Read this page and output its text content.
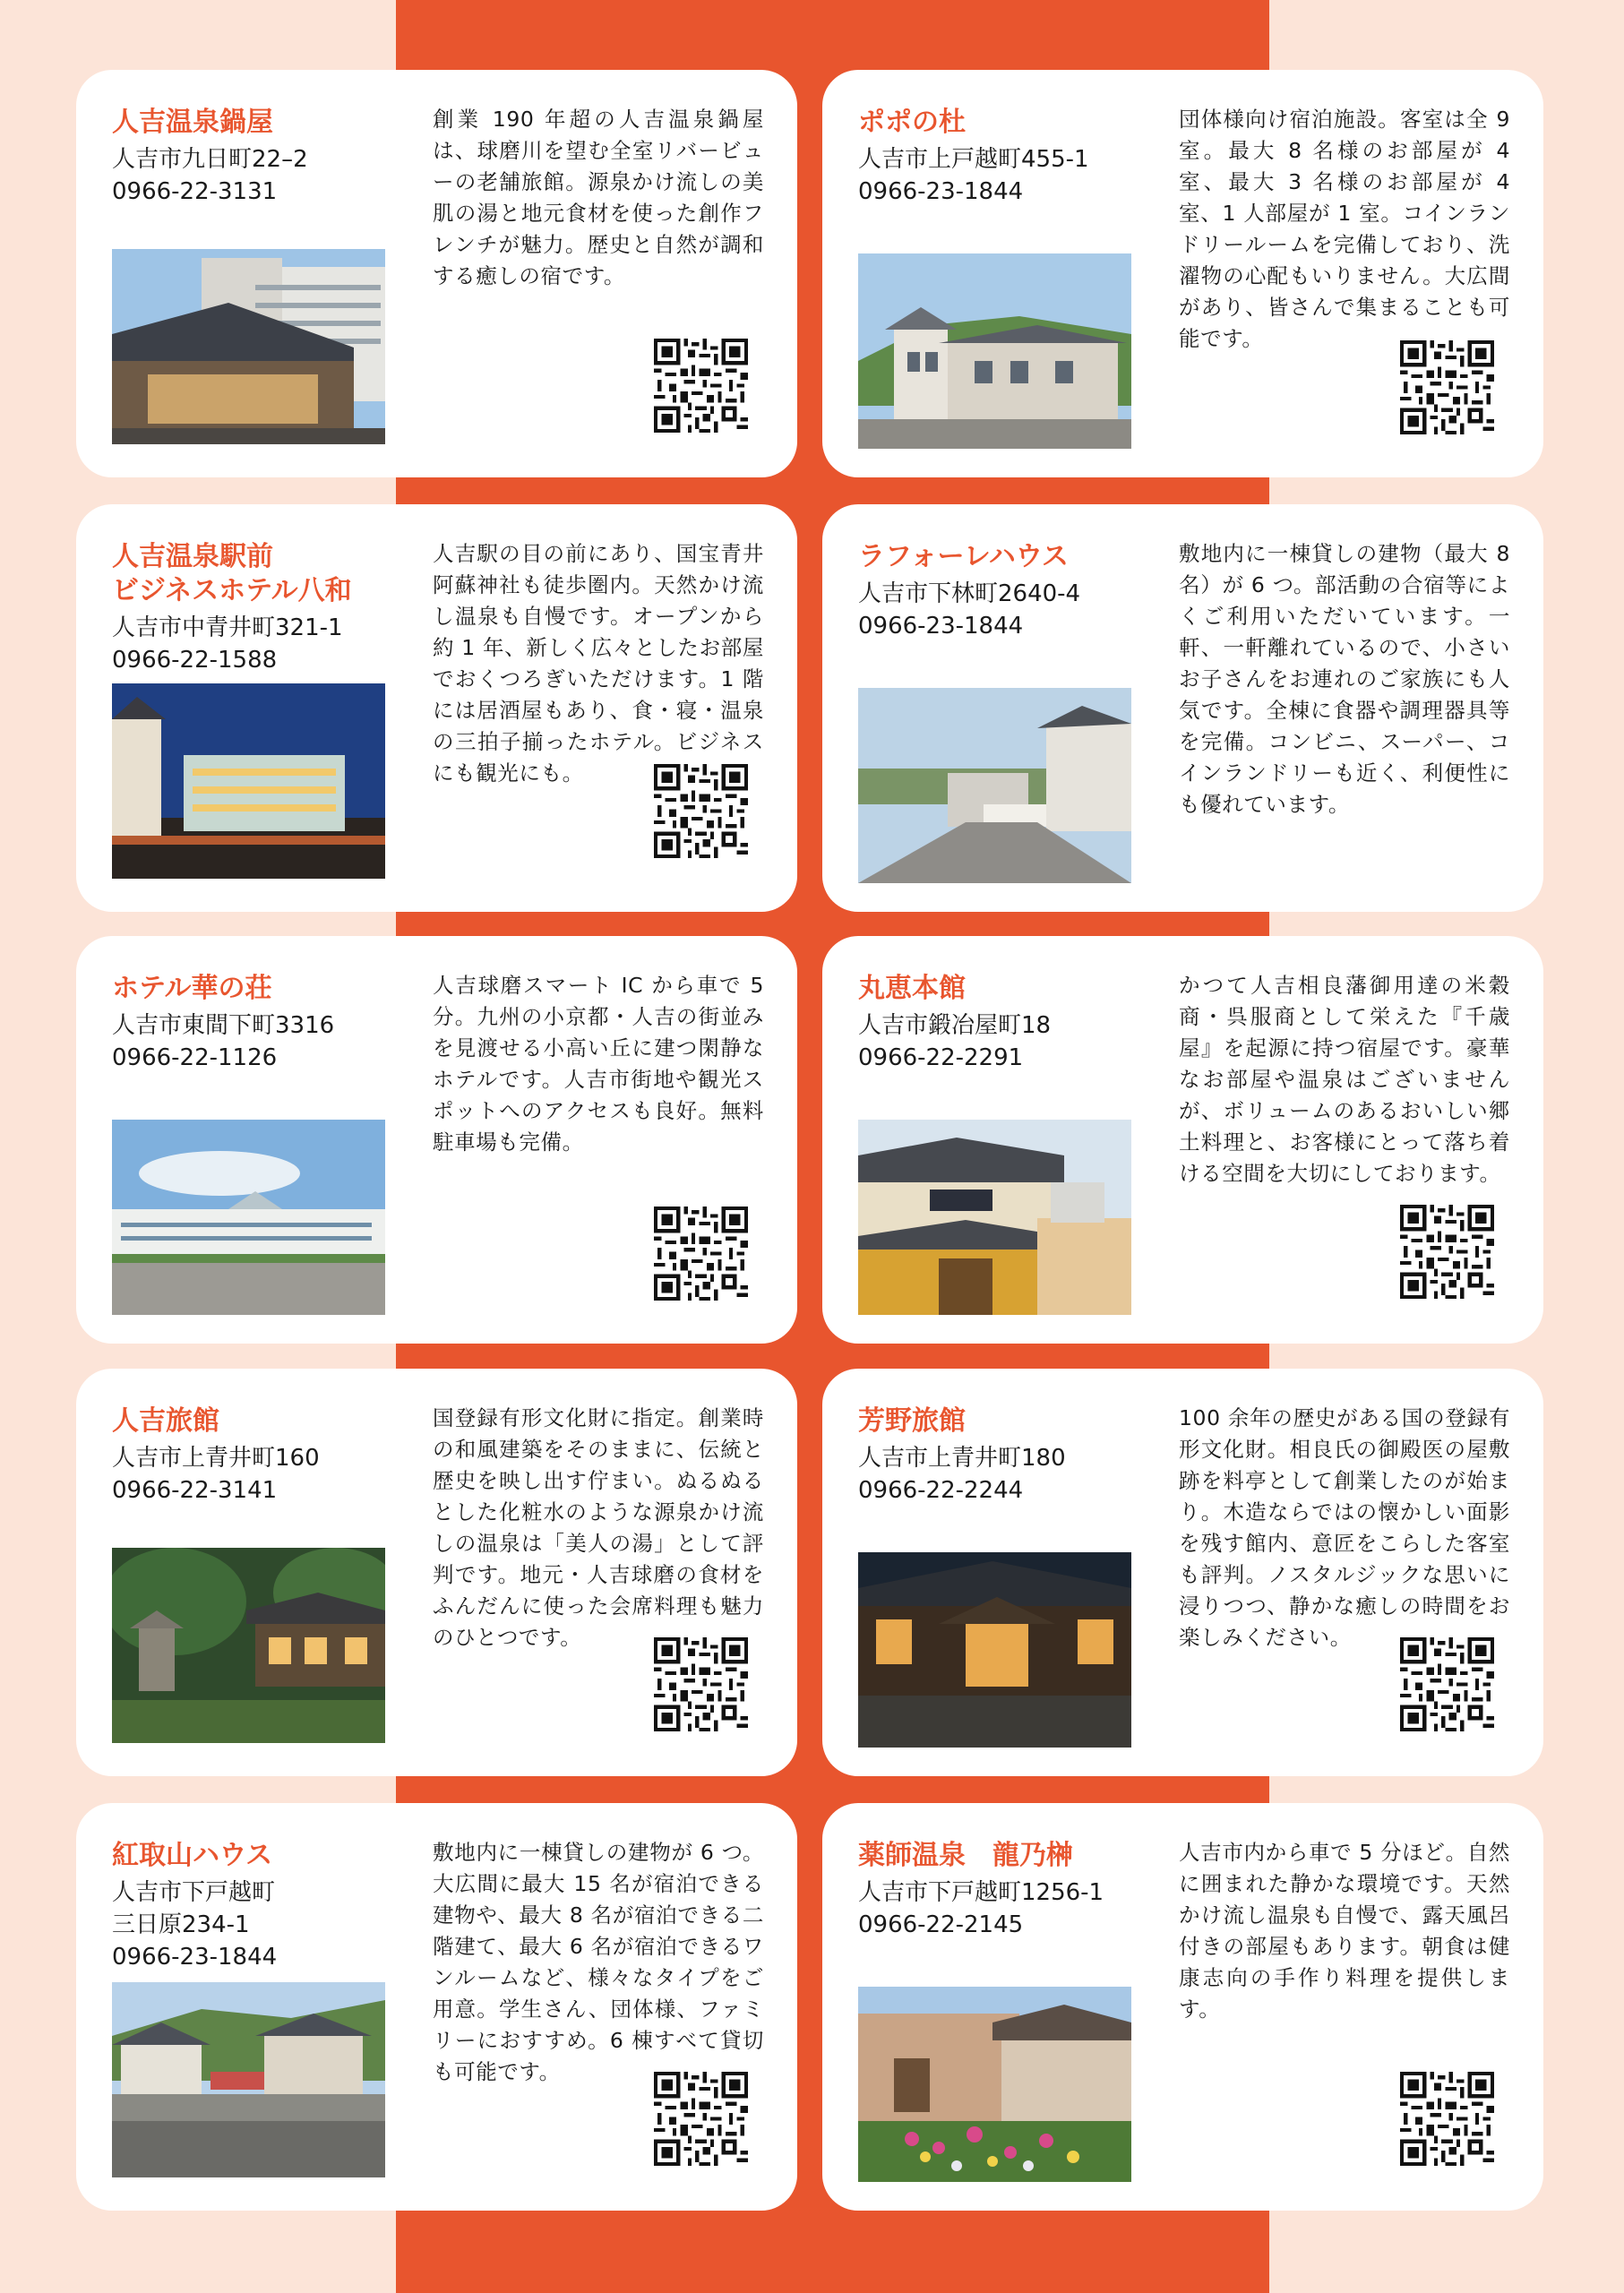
人吉温泉鍋屋
人吉市九日町22–2
0966-22-3131
創業 190 年超の人吉温泉鍋屋は、球磨川を望む全室リバービューの老舗旅館。源泉かけ流しの美肌の湯と地元食材を使った創作フレンチが魅力。歴史と自然が調和する癒しの宿です。
ポポの杜
人吉市上戸越町455-1
0966-23-1844
団体様向け宿泊施設。客室は全 9 室。最大 8 名様のお部屋が 4 室、最大 3 名様のお部屋が 4 室、1 人部屋が 1 室。コインランドリールームを完備しており、洗濯物の心配もいりません。大広間があり、皆さんで集まることも可能です。
人吉温泉駅前
ビジネスホテル八和
人吉市中青井町321-1
0966-22-1588
人吉駅の目の前にあり、国宝青井阿蘇神社も徒歩圏内。天然かけ流し温泉も自慢です。オープンから約 1 年、新しく広々としたお部屋でおくつろぎいただけます。1 階には居酒屋もあり、食・寝・温泉の三拍子揃ったホテル。ビジネスにも観光にも。
ラフォーレハウス
人吉市下林町2640-4
0966-23-1844
敷地内に一棟貸しの建物（最大 8 名）が 6 つ。部活動の合宿等によくご利用いただいています。一軒、一軒離れているので、小さいお子さんをお連れのご家族にも人気です。全棟に食器や調理器具等を完備。コンビニ、スーパー、コインランドリーも近く、利便性にも優れています。
ホテル華の荘
人吉市東間下町3316
0966-22-1126
人吉球磨スマート IC から車で 5 分。九州の小京都・人吉の街並みを見渡せる小高い丘に建つ閑静なホテルです。人吉市街地や観光スポットへのアクセスも良好。無料駐車場も完備。
丸恵本館
人吉市鍛冶屋町18
0966-22-2291
かつて人吉相良藩御用達の米穀商・呉服商として栄えた『千歳屋』を起源に持つ宿屋です。豪華なお部屋や温泉はございませんが、ボリュームのあるおいしい郷土料理と、お客様にとって落ち着ける空間を大切にしております。
人吉旅館
人吉市上青井町160
0966-22-3141
国登録有形文化財に指定。創業時の和風建築をそのままに、伝統と歴史を映し出す佇まい。ぬるぬるとした化粧水のような源泉かけ流しの温泉は「美人の湯」として評判です。地元・人吉球磨の食材をふんだんに使った会席料理も魅力のひとつです。
芳野旅館
人吉市上青井町180
0966-22-2244
100 余年の歴史がある国の登録有形文化財。相良氏の御殿医の屋敷跡を料亭として創業したのが始まり。木造ならではの懐かしい面影を残す館内、意匠をこらした客室も評判。ノスタルジックな思いに浸りつつ、静かな癒しの時間をお楽しみください。
紅取山ハウス
人吉市下戸越町
三日原234-1
0966-23-1844
敷地内に一棟貸しの建物が 6 つ。大広間に最大 15 名が宿泊できる建物や、最大 8 名が宿泊できる二階建て、最大 6 名が宿泊できるワンルームなど、様々なタイプをご用意。学生さん、団体様、ファミリーにおすすめ。6 棟すべて貸切も可能です。
薬師温泉　龍乃榊
人吉市下戸越町1256-1
0966-22-2145
人吉市内から車で 5 分ほど。自然に囲まれた静かな環境です。天然かけ流し温泉も自慢で、露天風呂付きの部屋もあります。朝食は健康志向の手作り料理を提供します。
